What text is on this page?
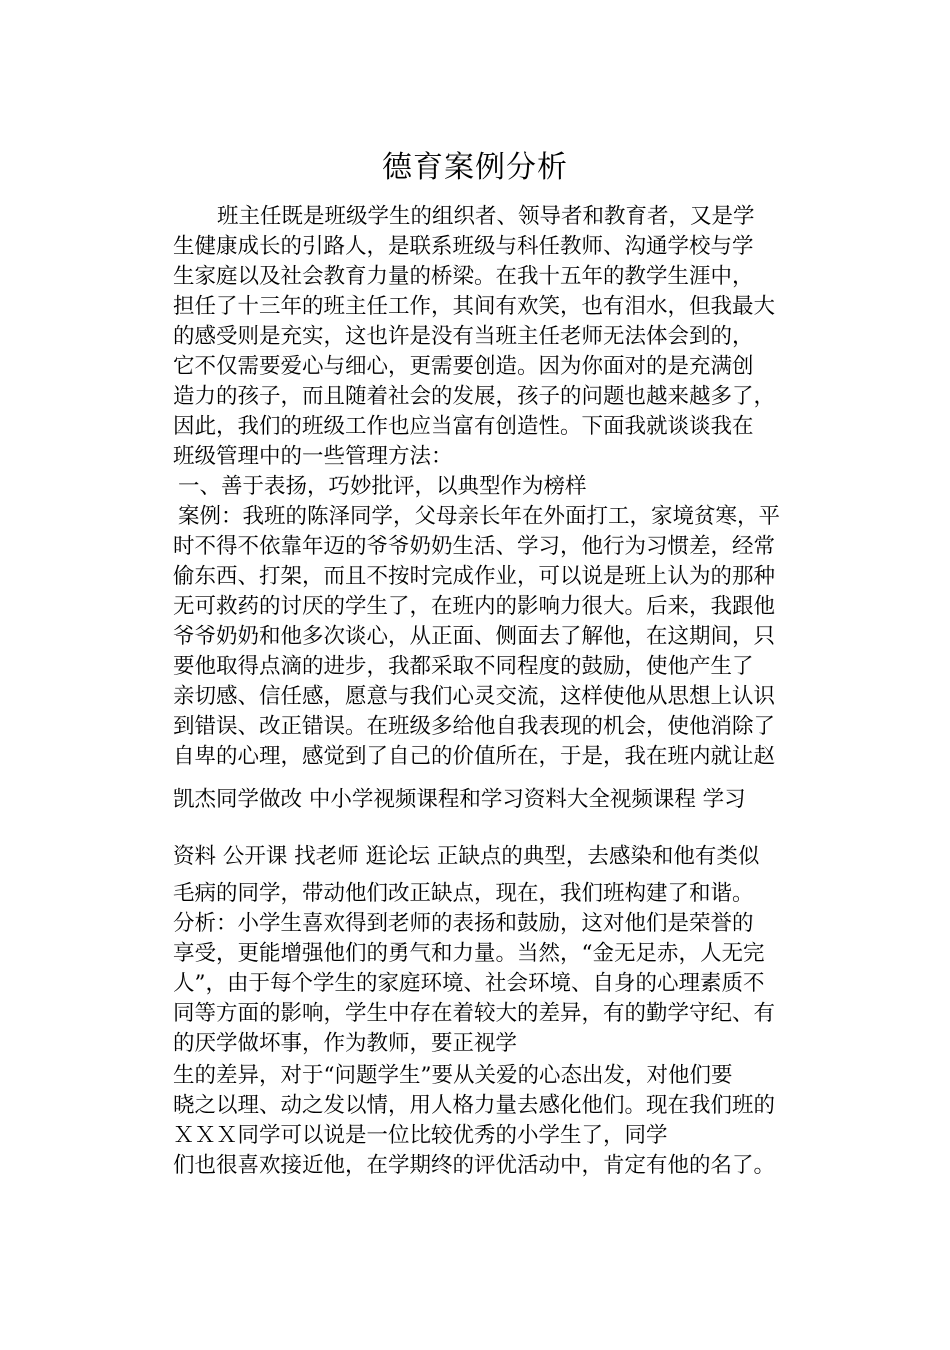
德育案例分析
班主任既是班级学生的组织者、领导者和教育者，又是学
生健康成长的引路人，是联系班级与科任教师、沟通学校与学
生家庭以及社会教育力量的桥梁。在我十五年的教学生涯中，
担任了十三年的班主任工作，其间有欢笑，也有泪水，但我最大
的感受则是充实，这也许是没有当班主任老师无法体会到的，
它不仅需要爱心与细心，更需要创造。因为你面对的是充满创
造力的孩子，而且随着社会的发展，孩子的问题也越来越多了，
因此，我们的班级工作也应当富有创造性。下面我就谈谈我在
班级管理中的一些管理方法：
一、善于表扬，巧妙批评，以典型作为榜样
案例：我班的陈泽同学，父母亲长年在外面打工，家境贫寒，平
时不得不依靠年迈的爷爷奶奶生活、学习，他行为习惯差，经常
偷东西、打架，而且不按时完成作业，可以说是班上认为的那种
无可救药的讨厌的学生了，在班内的影响力很大。后来，我跟他
爷爷奶奶和他多次谈心，从正面、侧面去了解他，在这期间，只
要他取得点滴的进步，我都采取不同程度的鼓励，使他产生了
亲切感、信任感，愿意与我们心灵交流，这样使他从思想上认识
到错误、改正错误。在班级多给他自我表现的机会，使他消除了
自卑的心理，感觉到了自己的价值所在，于是，我在班内就让赵
凯杰同学做改 中小学视频课程和学习资料大全视频课程 学习
资料 公开课 找老师 逛论坛 正缺点的典型，去感染和他有类似
毛病的同学，带动他们改正缺点，现在，我们班构建了和谐。
分析：小学生喜欢得到老师的表扬和鼓励，这对他们是荣誉的
享受，更能增强他们的勇气和力量。当然，“金无足赤，人无完
人”，由于每个学生的家庭环境、社会环境、自身的心理素质不
同等方面的影响，学生中存在着较大的差异，有的勤学守纪、有
的厌学做坏事，作为教师，要正视学
生的差异，对于“问题学生”要从关爱的心态出发，对他们要
晓之以理、动之发以情，用人格力量去感化他们。现在我们班的
ＸＸＸ同学可以说是一位比较优秀的小学生了，同学
们也很喜欢接近他，在学期终的评优活动中，肯定有他的名了。
